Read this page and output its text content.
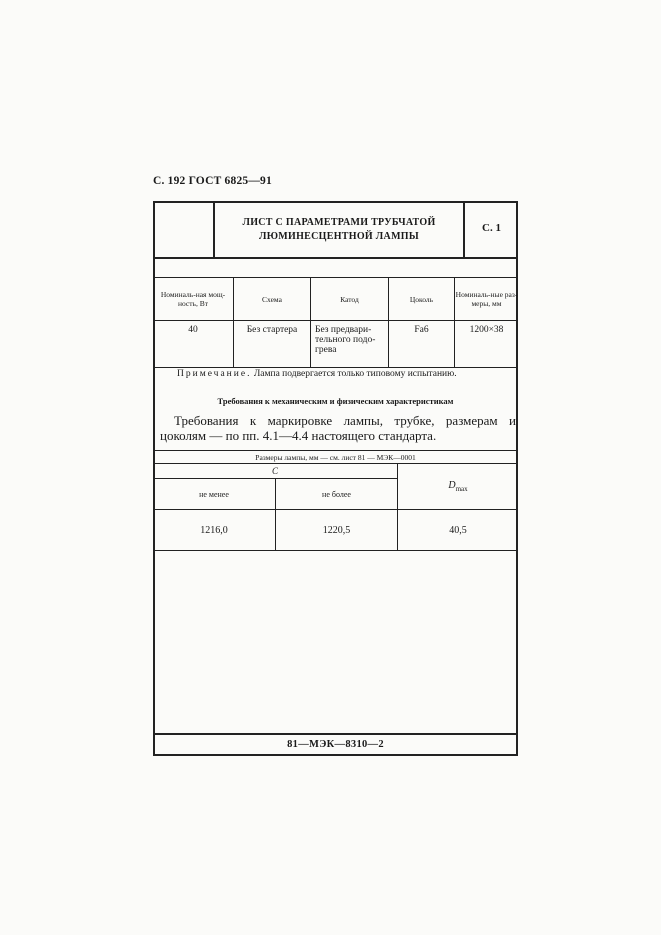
С. 192 ГОСТ 6825—91
ЛИСТ С ПАРАМЕТРАМИ ТРУБЧАТОЙ
ЛЮМИНЕСЦЕНТНОЙ ЛАМПЫ
С. 1
Номиналь-ная мощ-ность, Вт	Схема	Катод	Цоколь	Номиналь-ные раз-меры, мм
40	Без стартера	Без предвари-тельного подо-грева	Fa6	1200×38
Примечание. Лампа подвергается только типовому испытанию.
Требования к механическим и физическим характеристикам
Требования к маркировке лампы, трубке, размерам и цоколям — по пп. 4.1—4.4 настоящего стандарта.
Размеры лампы, мм — см. лист 81 — МЭК—0001		
C		$D_{max}$
не менее	не более	
1216,0	1220,5	40,5
81—МЭК—8310—2
